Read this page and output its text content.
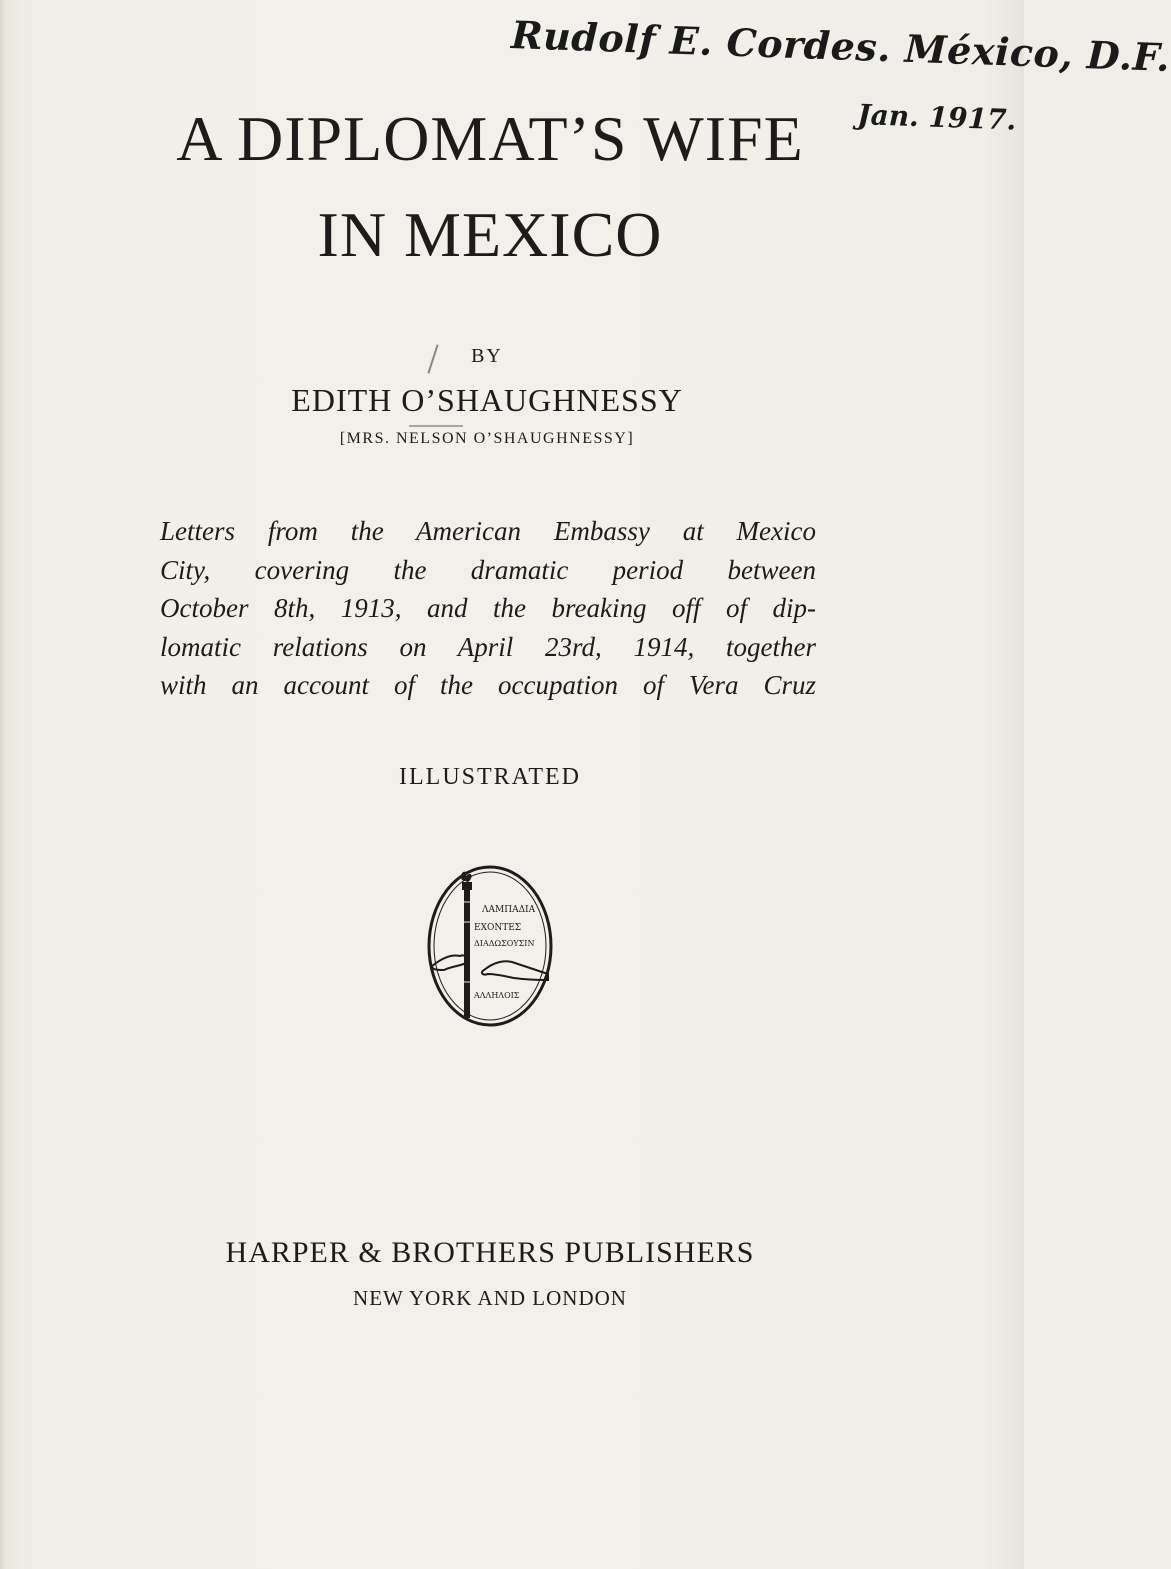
Rudolf E. Cordes. México, D.F.
Jan. 1917.
A DIPLOMAT’S WIFE
IN MEXICO
BY
EDITH O’SHAUGHNESSY
[MRS. NELSON O’SHAUGHNESSY]
Letters from the American Embassy at Mexico
City, covering the dramatic period between
October 8th, 1913, and the breaking off of dip-
lomatic relations on April 23rd, 1914, together
with an account of the occupation of Vera Cruz
ILLUSTRATED
ΛΑΜΠΑΔΙΑ
ΕΧΟΝΤΕΣ
ΔΙΑΔΩΣΟΥΣΙΝ
ΑΛΛΗΛΟΙΣ
HARPER & BROTHERS PUBLISHERS
NEW YORK AND LONDON
